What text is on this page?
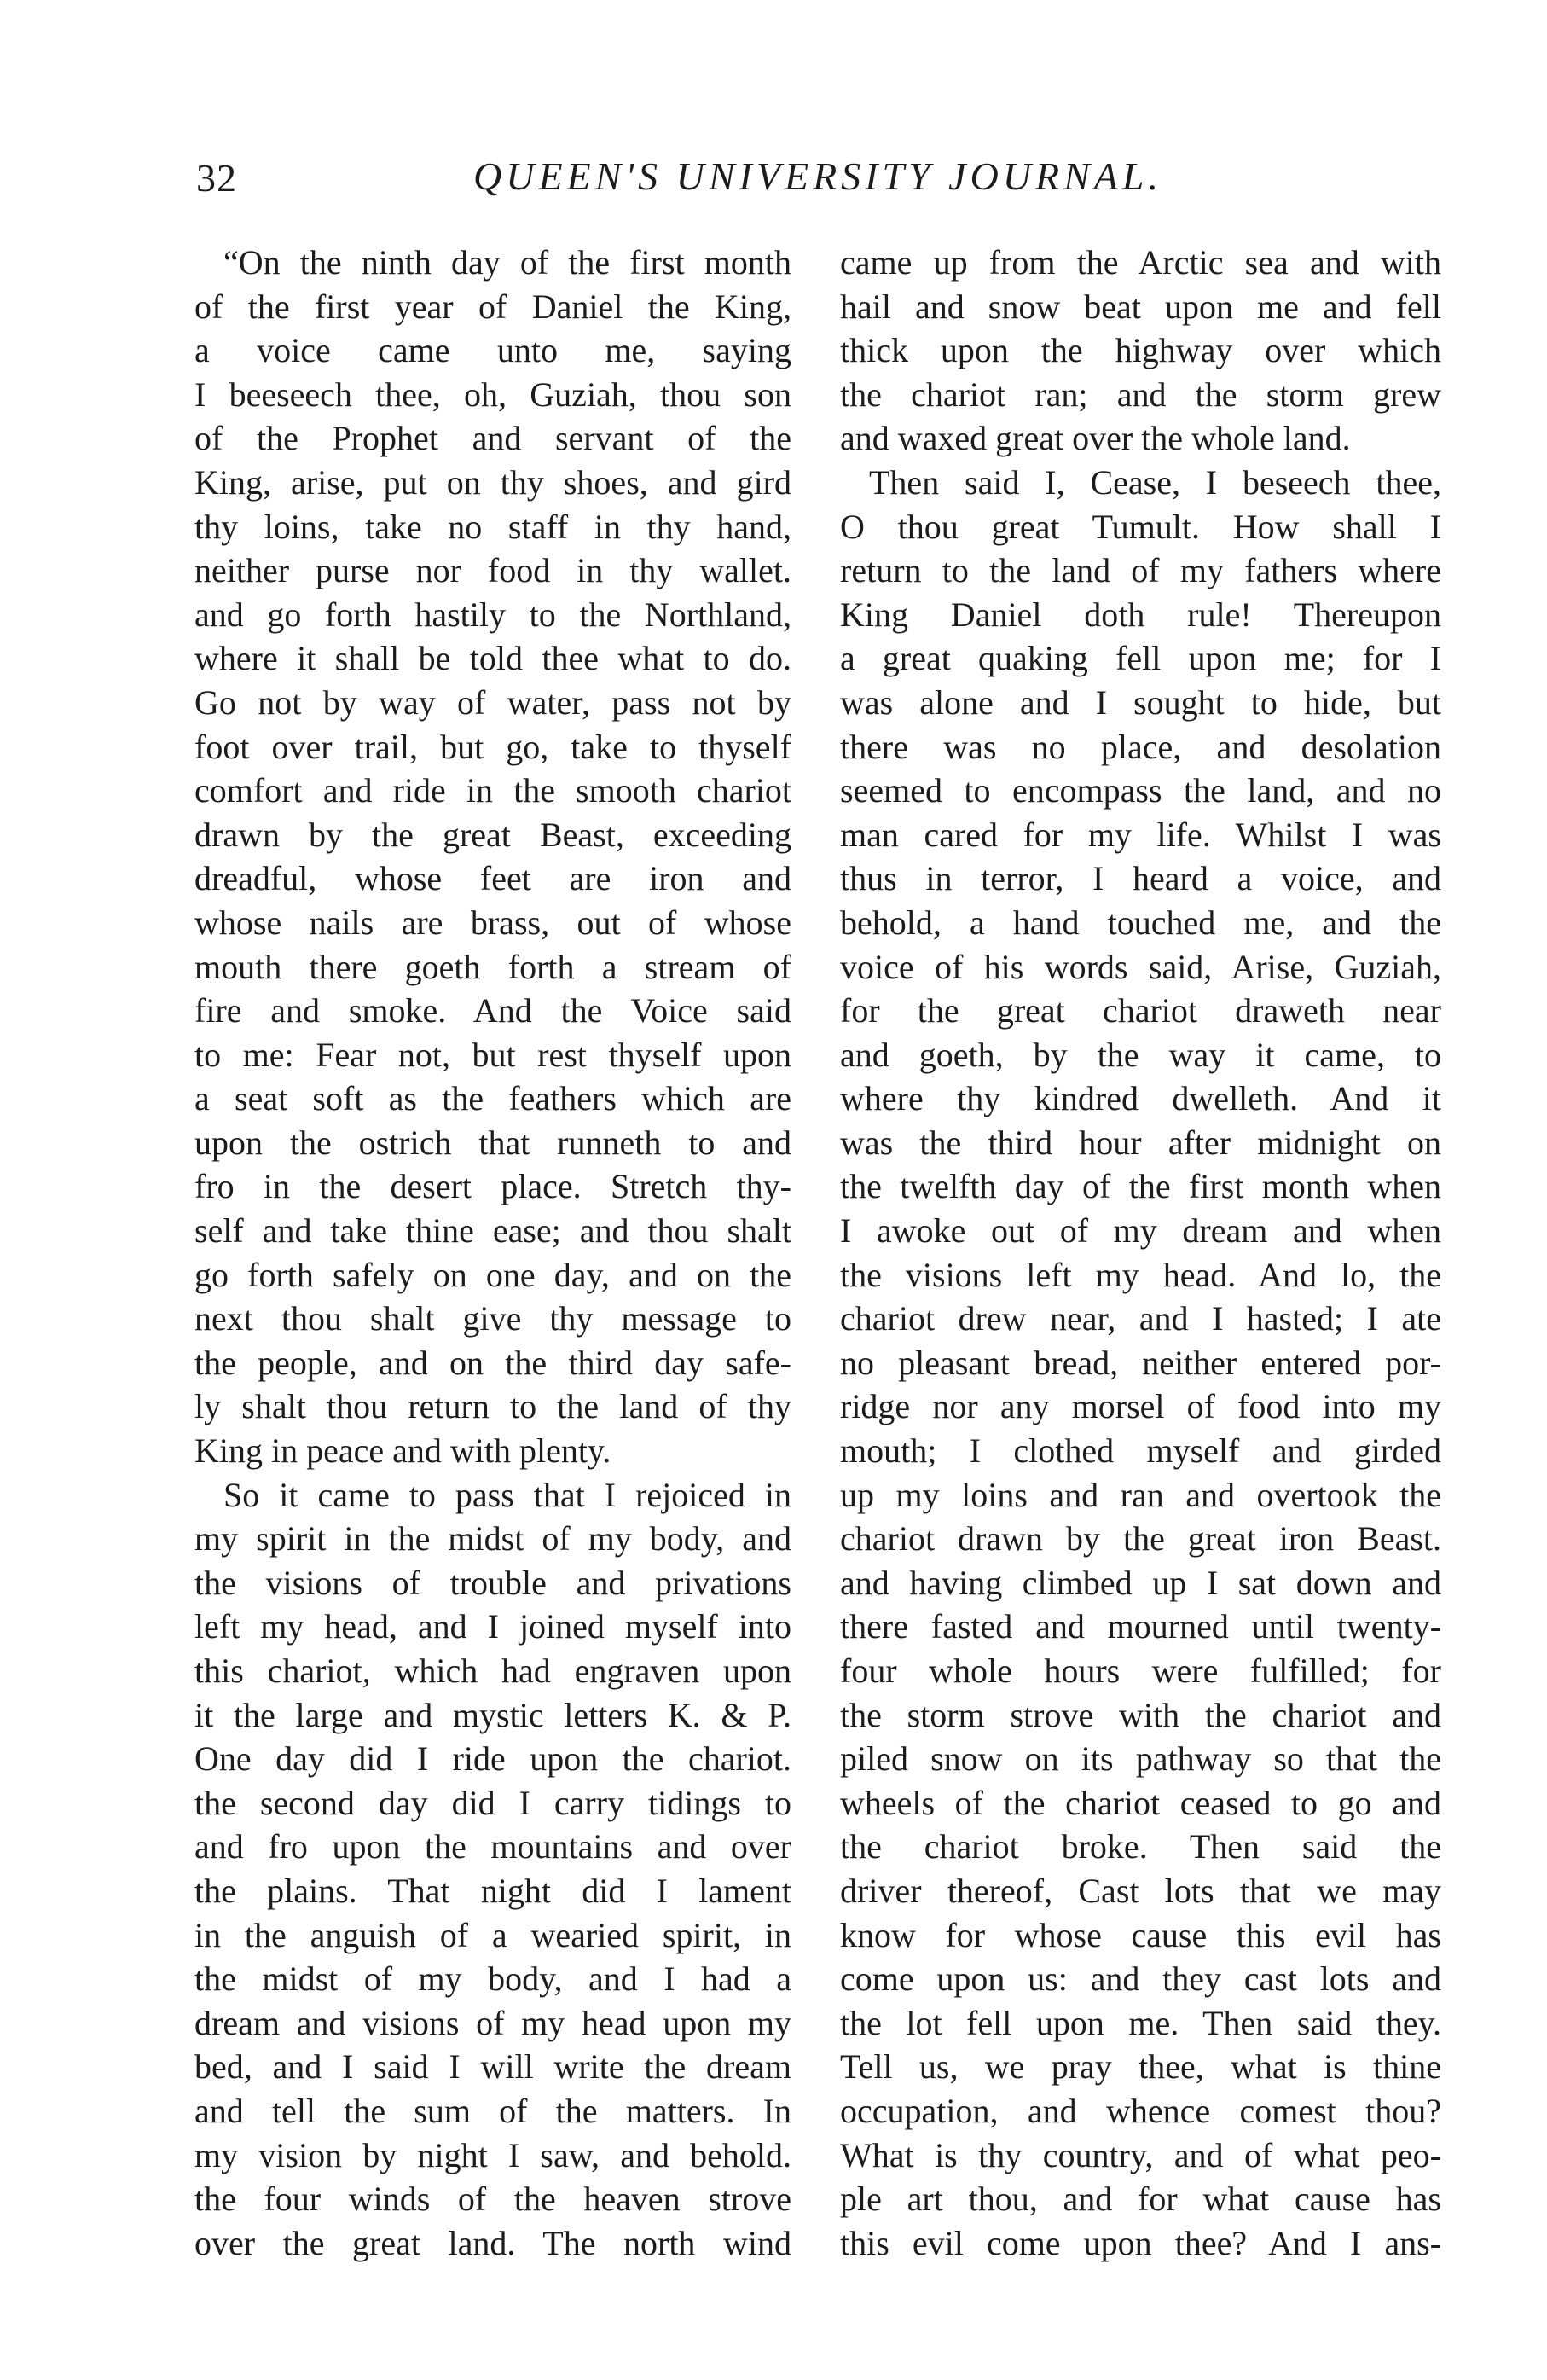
32	QUEEN'S UNIVERSITY JOURNAL.
“On the ninth day of the first month
of the first year of Daniel the King,
a voice came unto me, saying
I beeseech thee, oh, Guziah, thou son
of the Prophet and servant of the
King, arise, put on thy shoes, and gird
thy loins, take no staff in thy hand,
neither purse nor food in thy wallet.
and go forth hastily to the Northland,
where it shall be told thee what to do.
Go not by way of water, pass not by
foot over trail, but go, take to thyself
comfort and ride in the smooth chariot
drawn by the great Beast, exceeding
dreadful, whose feet are iron and
whose nails are brass, out of whose
mouth there goeth forth a stream of
fire and smoke. And the Voice said
to me: Fear not, but rest thyself upon
a seat soft as the feathers which are
upon the ostrich that runneth to and
fro in the desert place. Stretch thy-
self and take thine ease; and thou shalt
go forth safely on one day, and on the
next thou shalt give thy message to
the people, and on the third day safe-
ly shalt thou return to the land of thy
King in peace and with plenty.
So it came to pass that I rejoiced in
my spirit in the midst of my body, and
the visions of trouble and privations
left my head, and I joined myself into
this chariot, which had engraven upon
it the large and mystic letters K. & P.
One day did I ride upon the chariot.
the second day did I carry tidings to
and fro upon the mountains and over
the plains. That night did I lament
in the anguish of a wearied spirit, in
the midst of my body, and I had a
dream and visions of my head upon my
bed, and I said I will write the dream
and tell the sum of the matters. In
my vision by night I saw, and behold.
the four winds of the heaven strove
over the great land. The north wind
came up from the Arctic sea and with
hail and snow beat upon me and fell
thick upon the highway over which
the chariot ran; and the storm grew
and waxed great over the whole land.
Then said I, Cease, I beseech thee,
O thou great Tumult. How shall I
return to the land of my fathers where
King Daniel doth rule! Thereupon
a great quaking fell upon me; for I
was alone and I sought to hide, but
there was no place, and desolation
seemed to encompass the land, and no
man cared for my life. Whilst I was
thus in terror, I heard a voice, and
behold, a hand touched me, and the
voice of his words said, Arise, Guziah,
for the great chariot draweth near
and goeth, by the way it came, to
where thy kindred dwelleth. And it
was the third hour after midnight on
the twelfth day of the first month when
I awoke out of my dream and when
the visions left my head. And lo, the
chariot drew near, and I hasted; I ate
no pleasant bread, neither entered por-
ridge nor any morsel of food into my
mouth; I clothed myself and girded
up my loins and ran and overtook the
chariot drawn by the great iron Beast.
and having climbed up I sat down and
there fasted and mourned until twenty-
four whole hours were fulfilled; for
the storm strove with the chariot and
piled snow on its pathway so that the
wheels of the chariot ceased to go and
the chariot broke. Then said the
driver thereof, Cast lots that we may
know for whose cause this evil has
come upon us: and they cast lots and
the lot fell upon me. Then said they.
Tell us, we pray thee, what is thine
occupation, and whence comest thou?
What is thy country, and of what peo-
ple art thou, and for what cause has
this evil come upon thee? And I ans-
